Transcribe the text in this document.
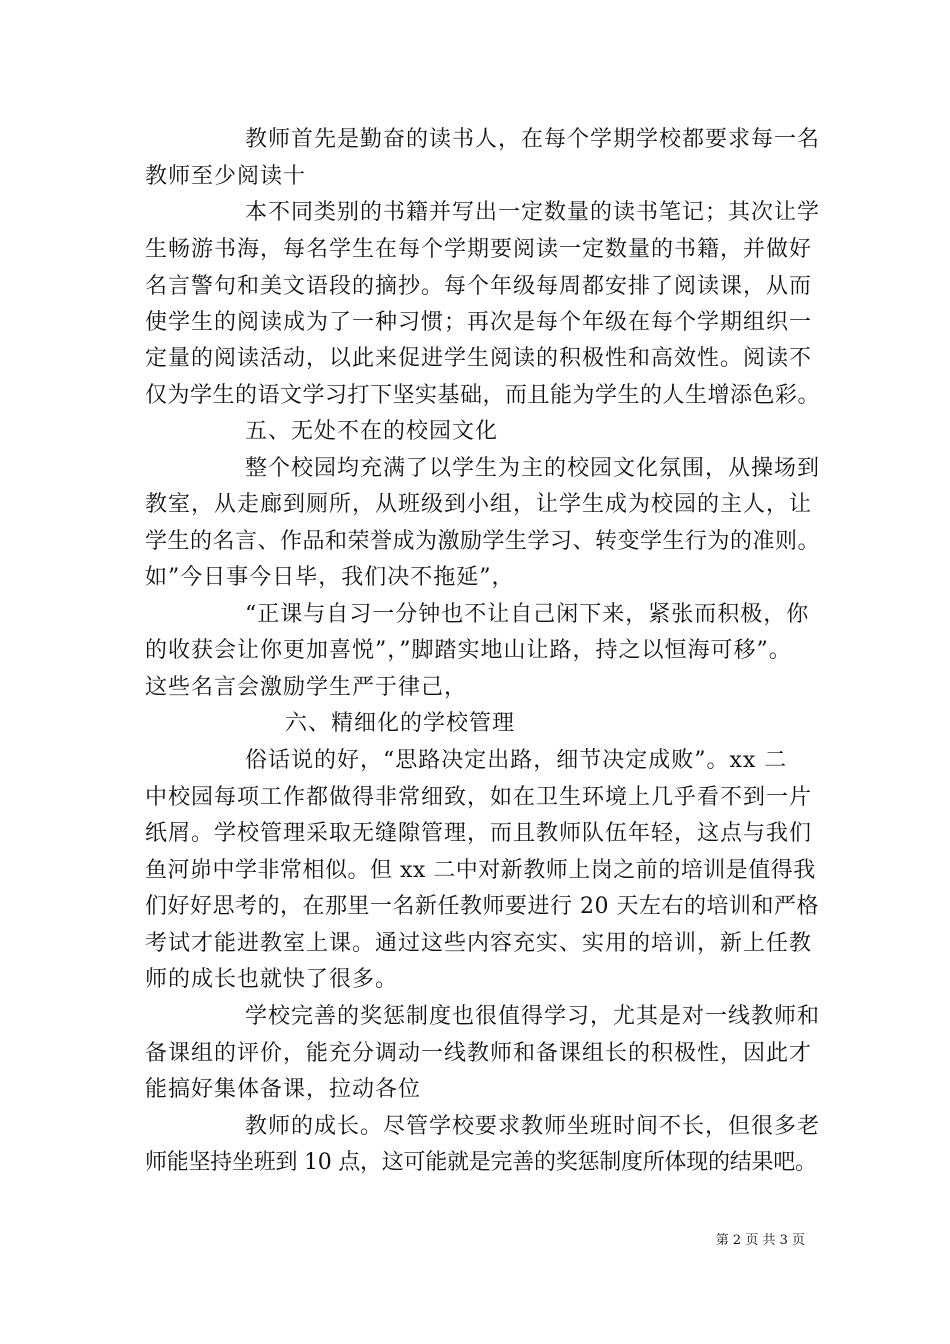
教师首先是勤奋的读书人，在每个学期学校都要求每一名
教师至少阅读十
本不同类别的书籍并写出一定数量的读书笔记；其次让学
生畅游书海，每名学生在每个学期要阅读一定数量的书籍，并做好
名言警句和美文语段的摘抄。每个年级每周都安排了阅读课，从而
使学生的阅读成为了一种习惯；再次是每个年级在每个学期组织一
定量的阅读活动，以此来促进学生阅读的积极性和高效性。阅读不
仅为学生的语文学习打下坚实基础，而且能为学生的人生增添色彩。
五、无处不在的校园文化
整个校园均充满了以学生为主的校园文化氛围，从操场到
教室，从走廊到厕所，从班级到小组，让学生成为校园的主人，让
学生的名言、作品和荣誉成为激励学生学习、转变学生行为的准则。
如”今日事今日毕，我们决不拖延”，
“正课与自习一分钟也不让自己闲下来，紧张而积极，你
的收获会让你更加喜悦”，”脚踏实地山让路，持之以恒海可移”。
这些名言会激励学生严于律己，
六、精细化的学校管理
俗话说的好，“思路决定出路，细节决定成败”。xx 二
中校园每项工作都做得非常细致，如在卫生环境上几乎看不到一片
纸屑。学校管理采取无缝隙管理，而且教师队伍年轻，这点与我们
鱼河峁中学非常相似。但 xx 二中对新教师上岗之前的培训是值得我
们好好思考的，在那里一名新任教师要进行 20 天左右的培训和严格
考试才能进教室上课。通过这些内容充实、实用的培训，新上任教
师的成长也就快了很多。
学校完善的奖惩制度也很值得学习，尤其是对一线教师和
备课组的评价，能充分调动一线教师和备课组长的积极性，因此才
能搞好集体备课，拉动各位
教师的成长。尽管学校要求教师坐班时间不长，但很多老
师能坚持坐班到 10 点，这可能就是完善的奖惩制度所体现的结果吧。
第 2 页 共 3 页
